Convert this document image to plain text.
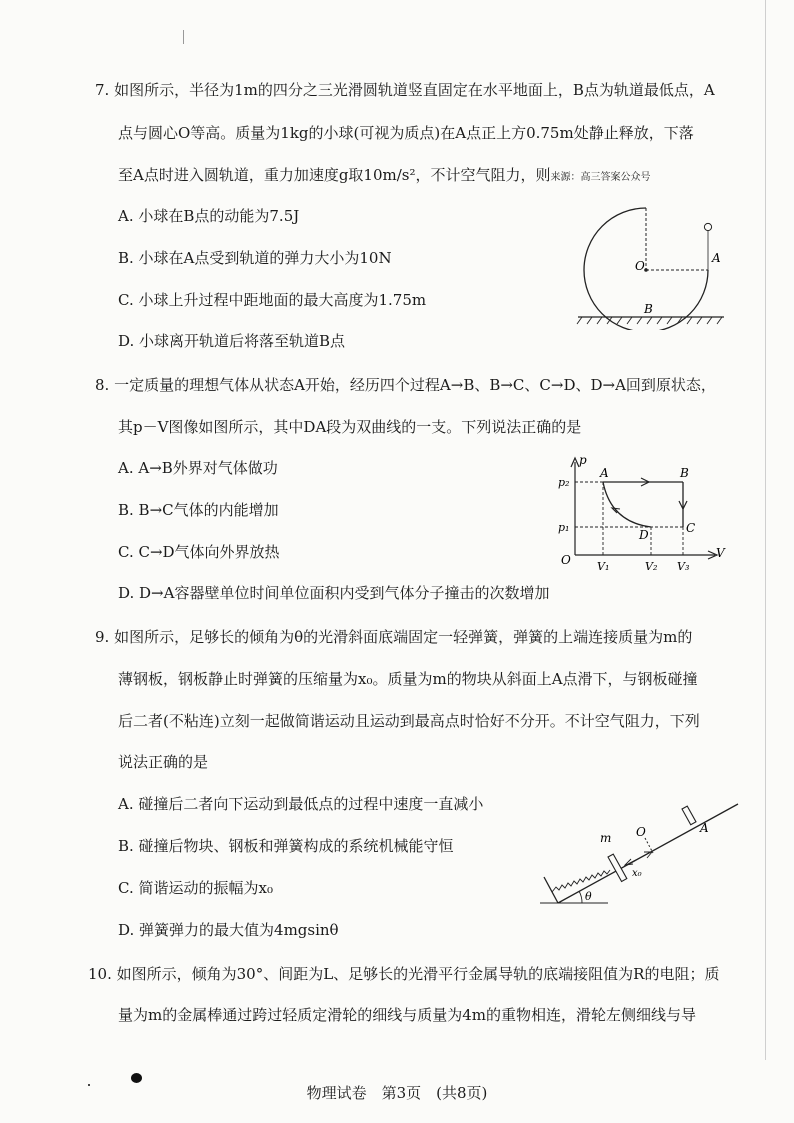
7. 如图所示，半径为1m的四分之三光滑圆轨道竖直固定在水平地面上，B点为轨道最低点，A
点与圆心O等高。质量为1kg的小球(可视为质点)在A点正上方0.75m处静止释放，下落
至A点时进入圆轨道，重力加速度g取10m/s²，不计空气阻力，则来源：高三答案公众号
A. 小球在B点的动能为7.5J
B. 小球在A点受到轨道的弹力大小为10N
C. 小球上升过程中距地面的最大高度为1.75m
D. 小球离开轨道后将落至轨道B点
O
A
B
8. 一定质量的理想气体从状态A开始，经历四个过程A→B、B→C、C→D、D→A回到原状态，
其p－V图像如图所示，其中DA段为双曲线的一支。下列说法正确的是
A. A→B外界对气体做功
B. B→C气体的内能增加
C. C→D气体向外界放热
D. D→A容器壁单位时间单位面积内受到气体分子撞击的次数增加
p
V
O
p₂
p₁
V₁	V₂ V₃
A	B
C
D
9. 如图所示，足够长的倾角为θ的光滑斜面底端固定一轻弹簧，弹簧的上端连接质量为m的
薄钢板，钢板静止时弹簧的压缩量为x₀。质量为m的物块从斜面上A点滑下，与钢板碰撞
后二者(不粘连)立刻一起做简谐运动且运动到最高点时恰好不分开。不计空气阻力，下列
说法正确的是
A. 碰撞后二者向下运动到最低点的过程中速度一直减小
B. 碰撞后物块、钢板和弹簧构成的系统机械能守恒
C. 简谐运动的振幅为x₀
D. 弹簧弹力的最大值为4mgsinθ
m O	A
x₀
θ
10. 如图所示，倾角为30°、间距为L、足够长的光滑平行金属导轨的底端接阻值为R的电阻；质
量为m的金属棒通过跨过轻质定滑轮的细线与质量为4m的重物相连，滑轮左侧细线与导
物理试卷　第3页　(共8页)
